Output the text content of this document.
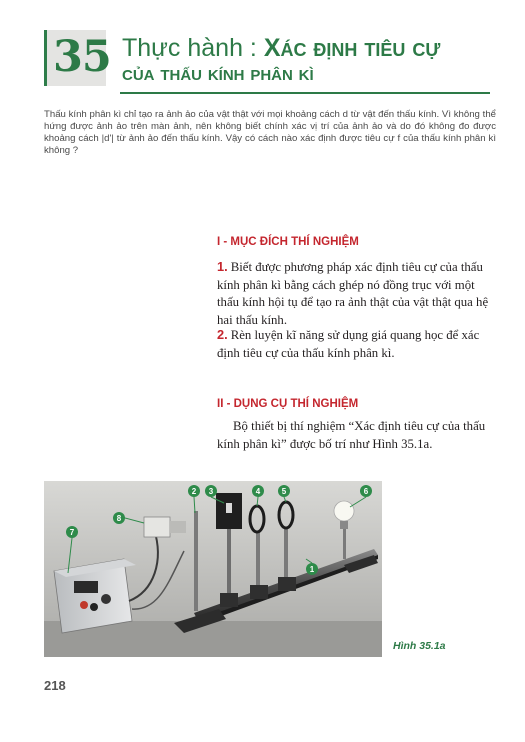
35 Thực hành : Xác định tiêu cự
của thấu kính phân kì
Thấu kính phân kì chỉ tạo ra ảnh ảo của vật thật với mọi khoảng cách d từ vật đến thấu kính. Vì không thể hứng được ảnh ảo trên màn ảnh, nên không biết chính xác vị trí của ảnh ảo và do đó không đo được khoảng cách |d'| từ ảnh ảo đến thấu kính. Vậy có cách nào xác định được tiêu cự f của thấu kính phân kì không ?
I - MỤC ĐÍCH THÍ NGHIỆM
1. Biết được phương pháp xác định tiêu cự của thấu kính phân kì bằng cách ghép nó đồng trục với một thấu kính hội tụ để tạo ra ảnh thật của vật thật qua hệ hai thấu kính.
2. Rèn luyện kĩ năng sử dụng giá quang học để xác định tiêu cự của thấu kính phân kì.
II - DỤNG CỤ THÍ NGHIỆM
Bộ thiết bị thí nghiệm “Xác định tiêu cự của thấu kính phân kì” được bố trí như Hình 35.1a.
1
2 3	4	5	6
7
8
Hình 35.1a
218
